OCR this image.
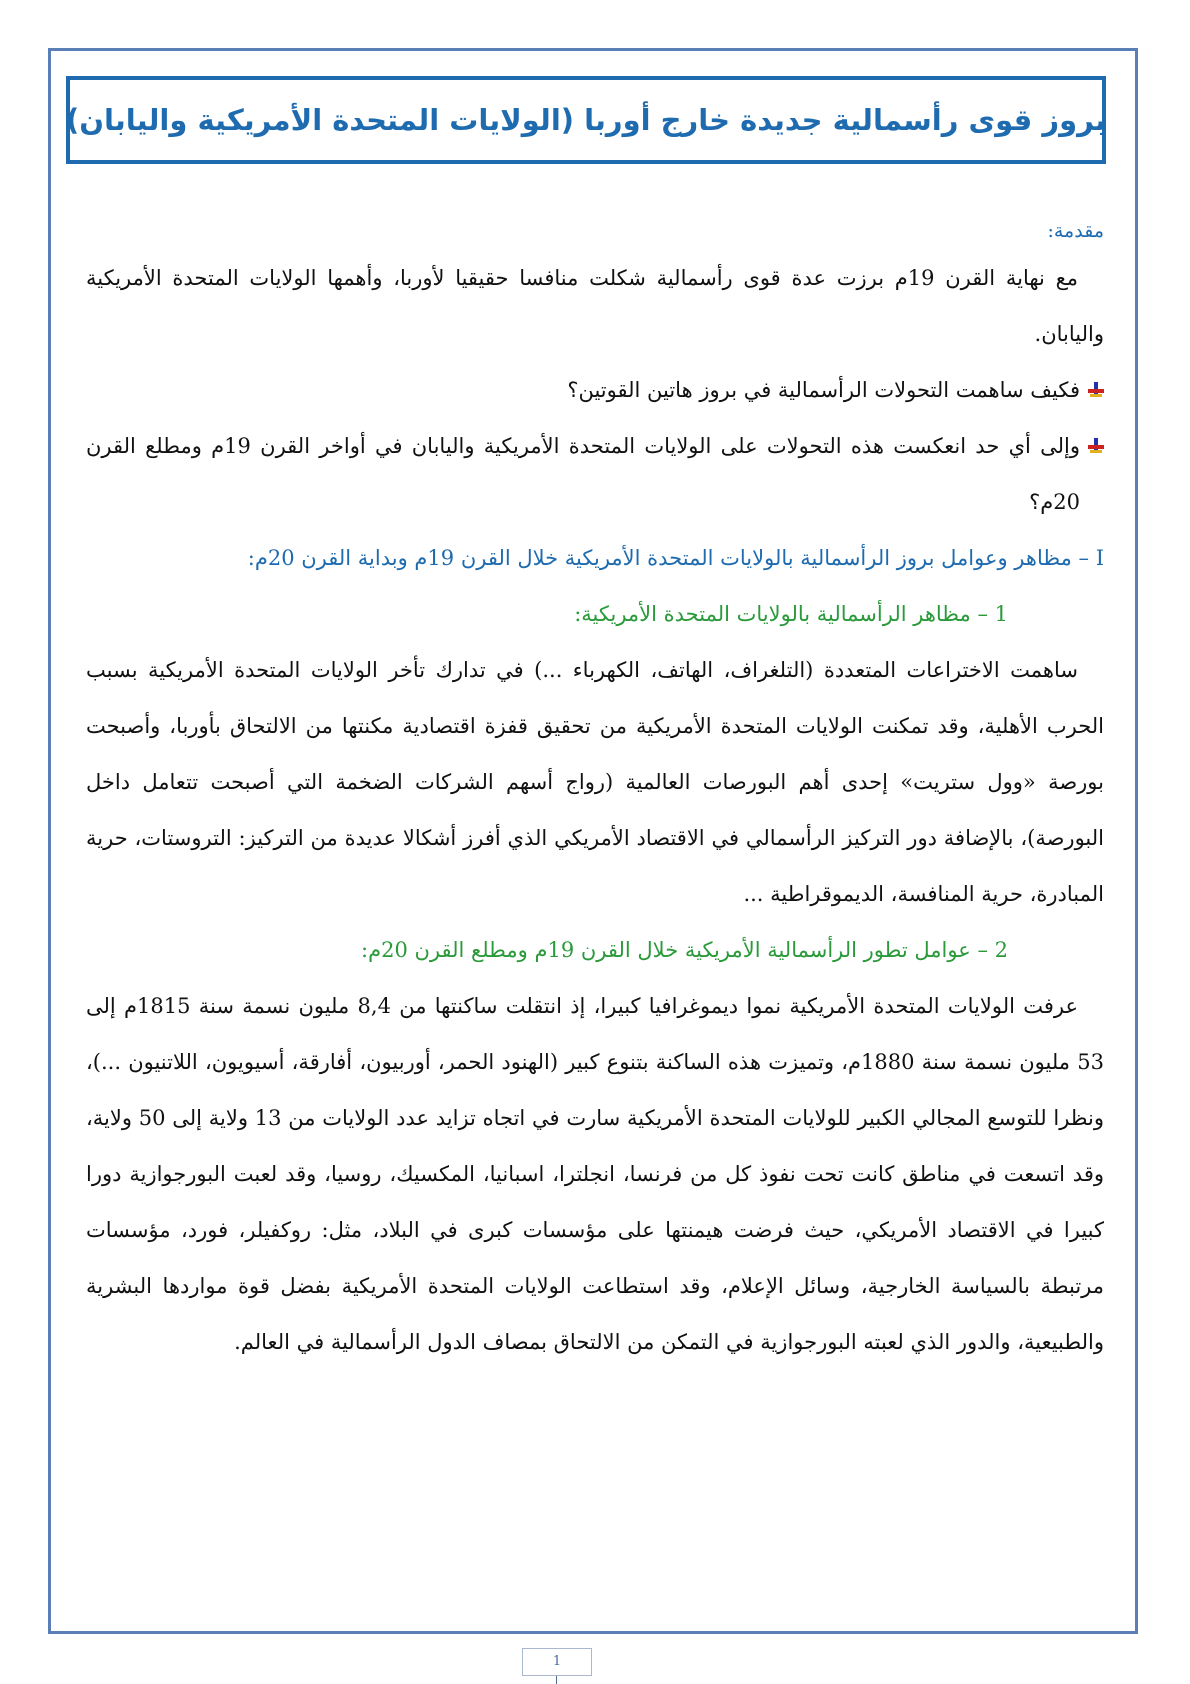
بروز قوى رأسمالية جديدة خارج أوربا (الولايات المتحدة الأمريكية واليابان)

مقدمة:

مع نهاية القرن 19م برزت عدة قوى رأسمالية شكلت منافسا حقيقيا لأوربا، وأهمها الولايات المتحدة الأمريكية واليابان.

فكيف ساهمت التحولات الرأسمالية في بروز هاتين القوتين؟
وإلى أي حد انعكست هذه التحولات على الولايات المتحدة الأمريكية واليابان في أواخر القرن 19م ومطلع القرن 20م؟

I – مظاهر وعوامل بروز الرأسمالية بالولايات المتحدة الأمريكية خلال القرن 19م وبداية القرن 20م:

1 – مظاهر الرأسمالية بالولايات المتحدة الأمريكية:

ساهمت الاختراعات المتعددة (التلغراف، الهاتف، الكهرباء ...) في تدارك تأخر الولايات المتحدة الأمريكية بسبب الحرب الأهلية، وقد تمكنت الولايات المتحدة الأمريكية من تحقيق قفزة اقتصادية مكنتها من الالتحاق بأوربا، وأصبحت بورصة «وول ستريت» إحدى أهم البورصات العالمية (رواج أسهم الشركات الضخمة التي أصبحت تتعامل داخل البورصة)، بالإضافة دور التركيز الرأسمالي في الاقتصاد الأمريكي الذي أفرز أشكالا عديدة من التركيز: التروستات، حرية المبادرة، حرية المنافسة، الديموقراطية ...

2 – عوامل تطور الرأسمالية الأمريكية خلال القرن 19م ومطلع القرن 20م:

عرفت الولايات المتحدة الأمريكية نموا ديموغرافيا كبيرا، إذ انتقلت ساكنتها من 8,4 مليون نسمة سنة 1815م إلى 53 مليون نسمة سنة 1880م، وتميزت هذه الساكنة بتنوع كبير (الهنود الحمر، أوربيون، أفارقة، أسيويون، اللاتنيون ...)، ونظرا للتوسع المجالي الكبير للولايات المتحدة الأمريكية سارت في اتجاه تزايد عدد الولايات من 13 ولاية إلى 50 ولاية، وقد اتسعت في مناطق كانت تحت نفوذ كل من فرنسا، انجلترا، اسبانيا، المكسيك، روسيا، وقد لعبت البورجوازية دورا كبيرا في الاقتصاد الأمريكي، حيث فرضت هيمنتها على مؤسسات كبرى في البلاد، مثل: روكفيلر، فورد، مؤسسات مرتبطة بالسياسة الخارجية، وسائل الإعلام، وقد استطاعت الولايات المتحدة الأمريكية بفضل قوة مواردها البشرية والطبيعية، والدور الذي لعبته البورجوازية في التمكن من الالتحاق بمصاف الدول الرأسمالية في العالم.

1
